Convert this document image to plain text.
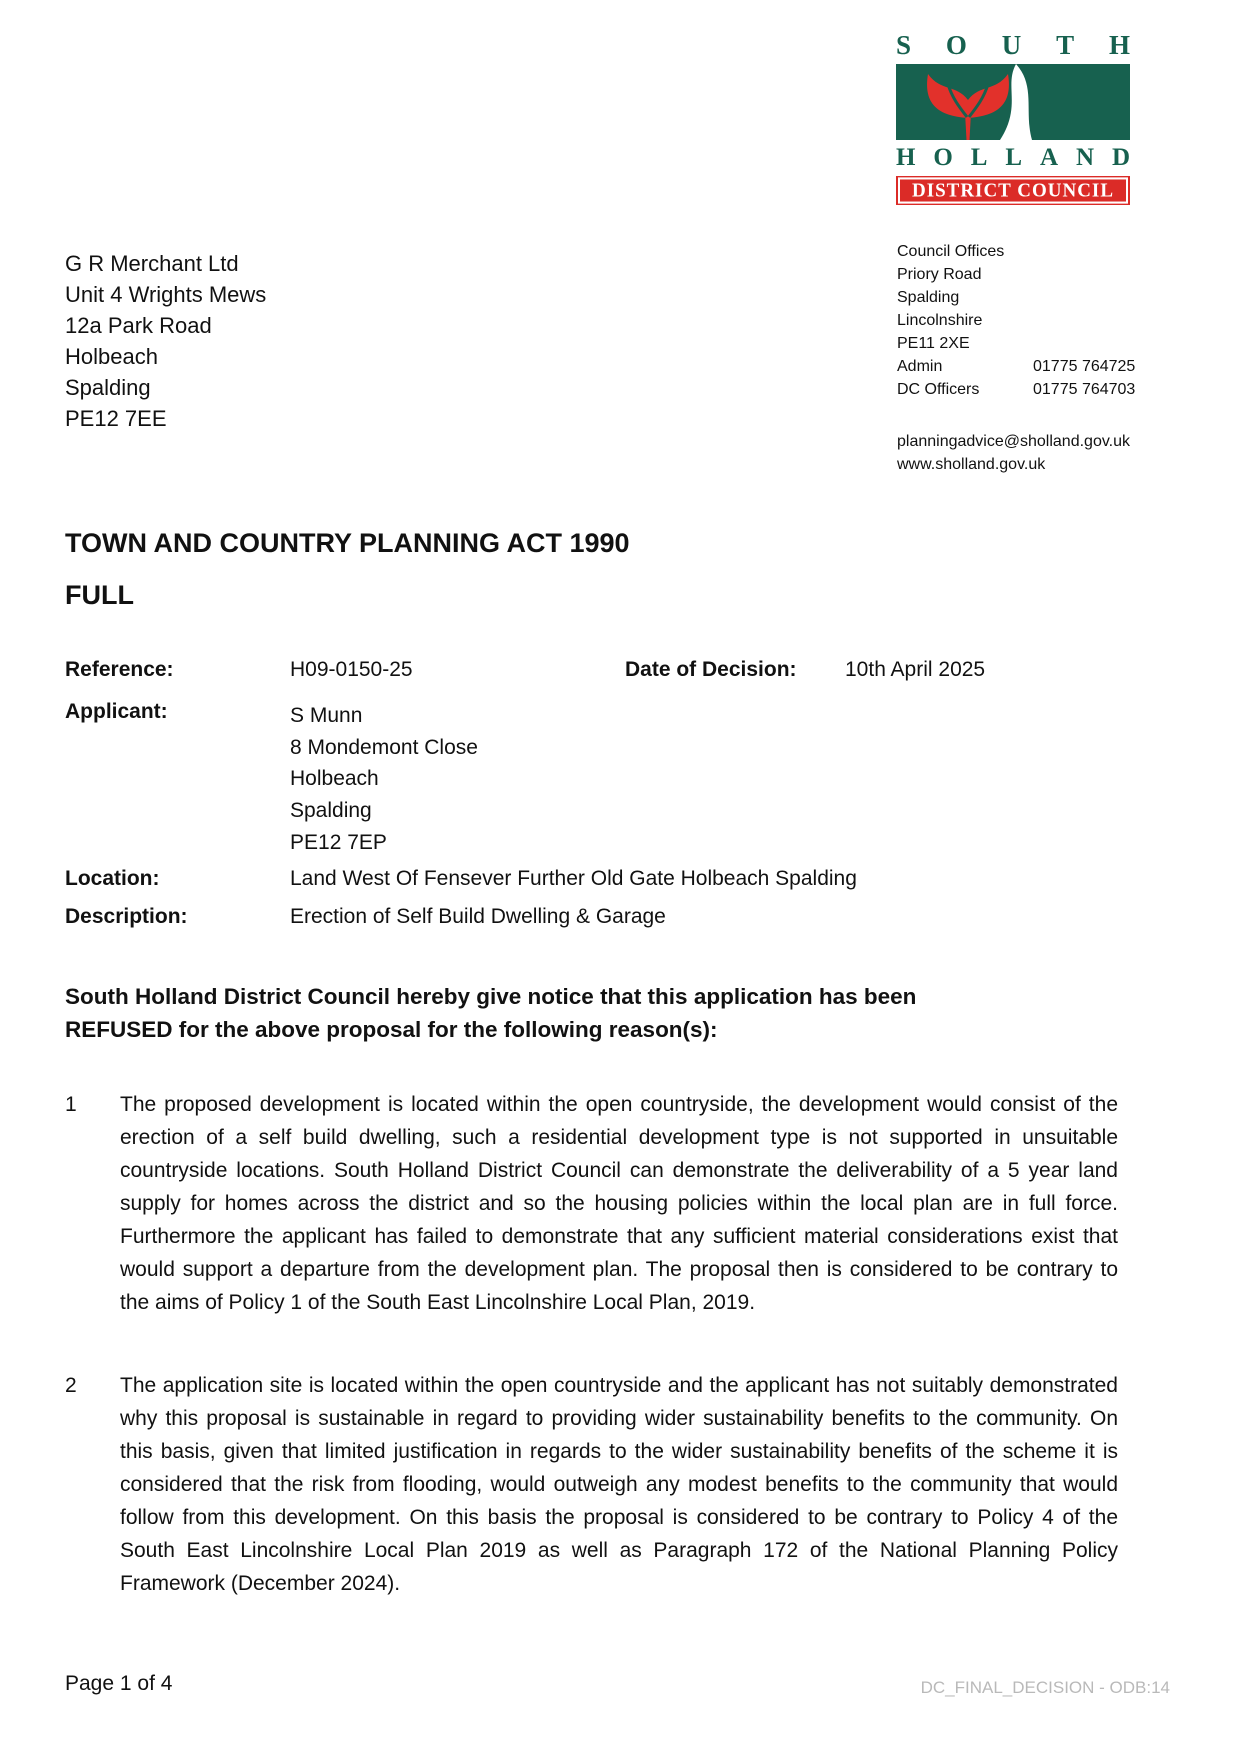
S O U T H
H O L L A N D
DISTRICT COUNCIL
G R Merchant Ltd
Unit 4 Wrights Mews
12a Park Road
Holbeach
Spalding
PE12 7EE
Council Offices
Priory Road
Spalding
Lincolnshire
PE11 2XE
Admin	01775 764725
DC Officers	01775 764703
planningadvice@sholland.gov.uk
www.sholland.gov.uk
TOWN AND COUNTRY PLANNING ACT 1990
FULL
Reference:	H09-0150-25	Date of Decision: 10th April 2025
Applicant:	S Munn
8 Mondemont Close
Holbeach
Spalding
PE12 7EP
Location:	Land West Of Fensever Further Old Gate Holbeach Spalding
Description:	Erection of Self Build Dwelling & Garage
South Holland District Council hereby give notice that this application has been REFUSED for the above proposal for the following reason(s):
1	The proposed development is located within the open countryside, the development would consist of the erection of a self build dwelling, such a residential development type is not supported in unsuitable countryside locations. South Holland District Council can demonstrate the deliverability of a 5 year land supply for homes across the district and so the housing policies within the local plan are in full force. Furthermore the applicant has failed to demonstrate that any sufficient material considerations exist that would support a departure from the development plan. The proposal then is considered to be contrary to the aims of Policy 1 of the South East Lincolnshire Local Plan, 2019.
2	The application site is located within the open countryside and the applicant has not suitably demonstrated why this proposal is sustainable in regard to providing wider sustainability benefits to the community. On this basis, given that limited justification in regards to the wider sustainability benefits of the scheme it is considered that the risk from flooding, would outweigh any modest benefits to the community that would follow from this development. On this basis the proposal is considered to be contrary to Policy 4 of the South East Lincolnshire Local Plan 2019 as well as Paragraph 172 of the National Planning Policy Framework (December 2024).
Page 1 of 4	DC_FINAL_DECISION - ODB:14
